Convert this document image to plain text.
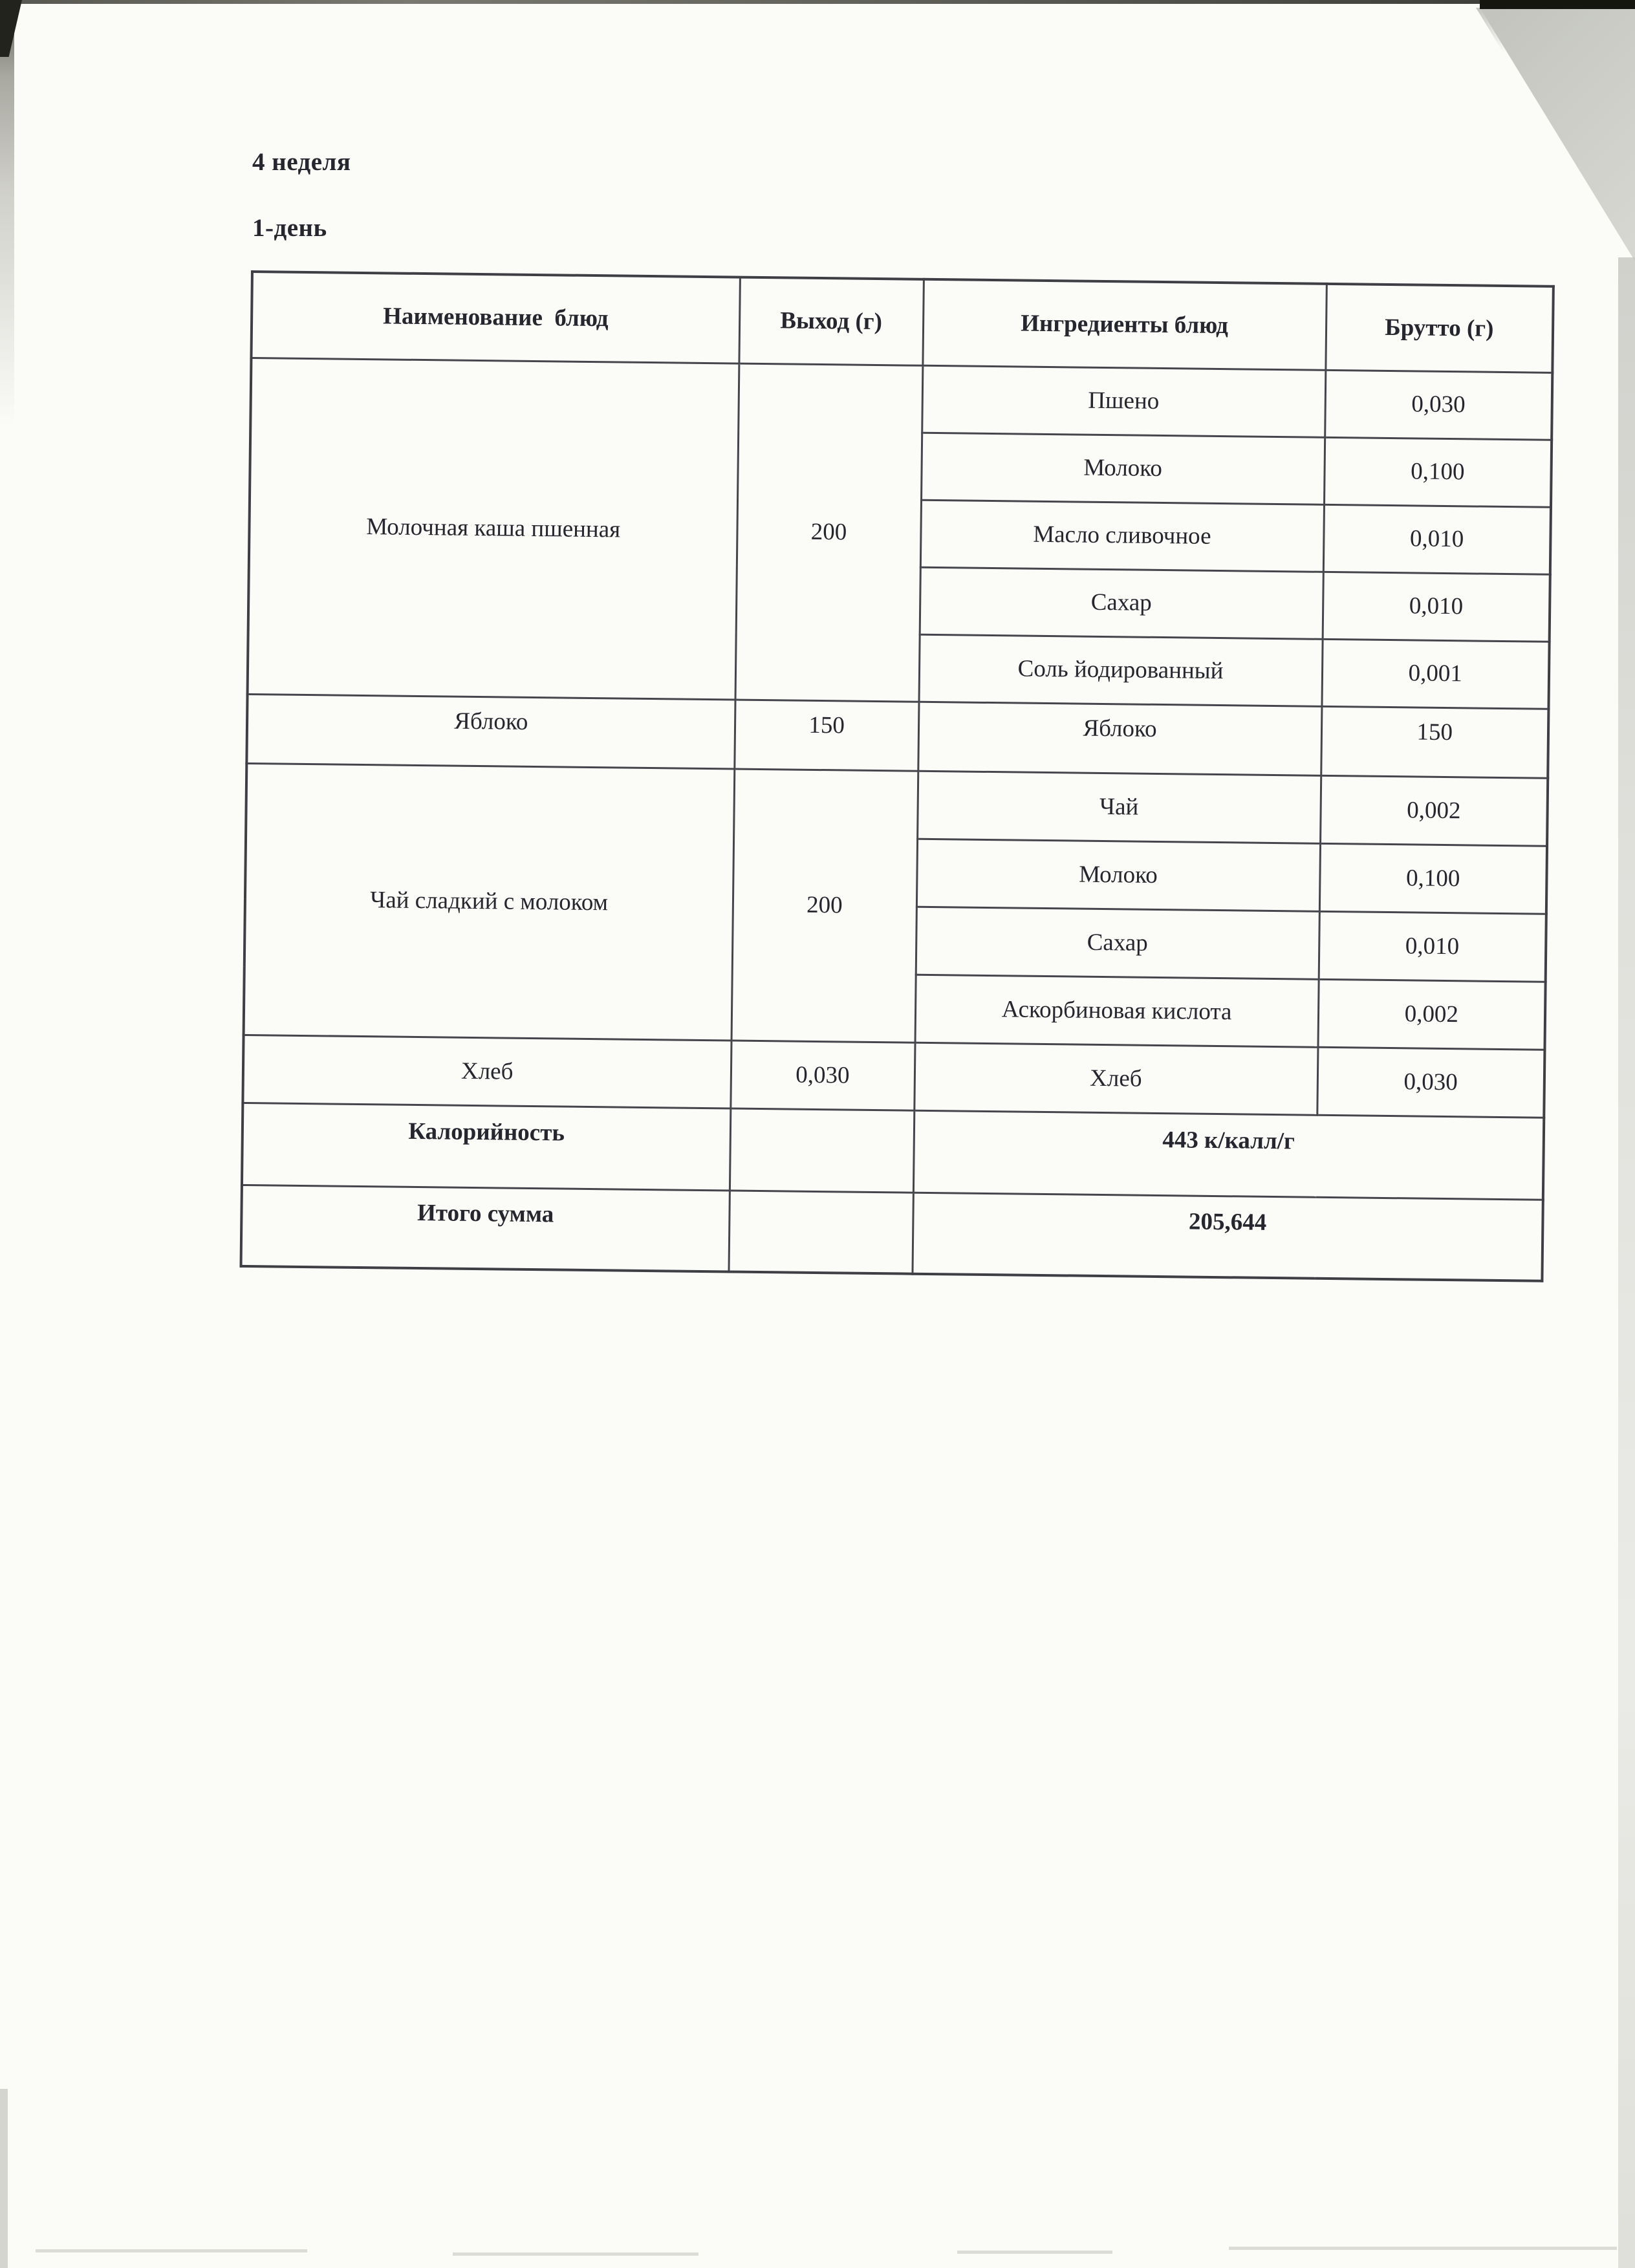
4 неделя
1-день
Наименование  блюд	Выход (г)	Ингредиенты блюд	Брутто (г)
Молочная каша пшенная	200	Пшено	0,030
		Молоко	0,100
		Масло сливочное	0,010
		Сахар	0,010
		Соль йодированный	0,001
Яблоко	150	Яблоко	150
Чай сладкий с молоком	200	Чай	0,002
		Молоко	0,100
		Сахар	0,010
		Аскорбиновая кислота	0,002
Хлеб	0,030	Хлеб	0,030
Калорийность		443 к/калл/г	
Итого сумма		205,644	
